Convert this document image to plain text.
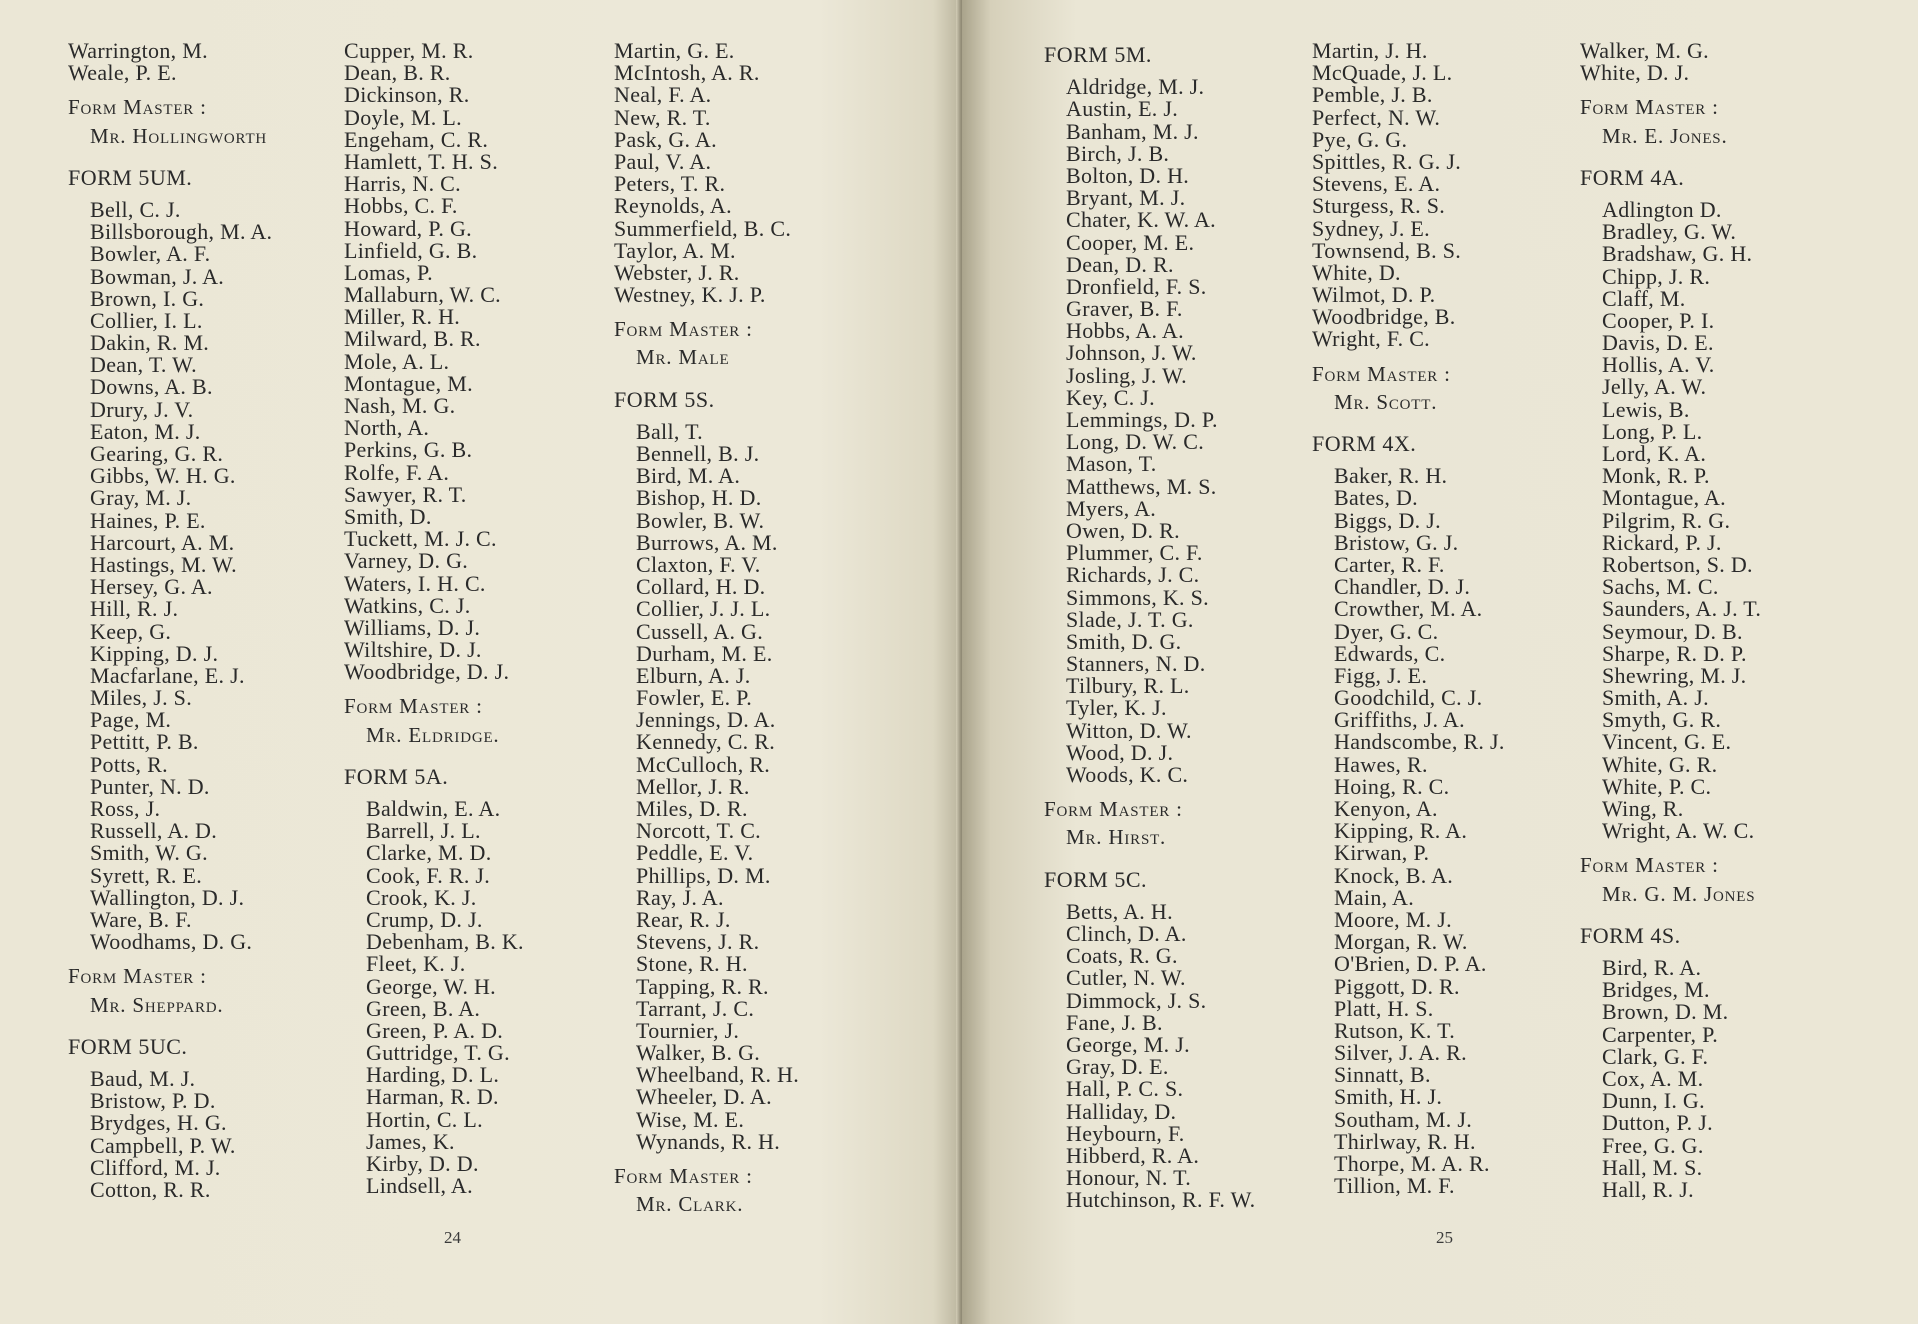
Warrington, M.
Weale, P. E.
Form Master :
Mr. Hollingworth
FORM 5UM.
Bell, C. J.
Billsborough, M. A.
Bowler, A. F.
Bowman, J. A.
Brown, I. G.
Collier, I. L.
Dakin, R. M.
Dean, T. W.
Downs, A. B.
Drury, J. V.
Eaton, M. J.
Gearing, G. R.
Gibbs, W. H. G.
Gray, M. J.
Haines, P. E.
Harcourt, A. M.
Hastings, M. W.
Hersey, G. A.
Hill, R. J.
Keep, G.
Kipping, D. J.
Macfarlane, E. J.
Miles, J. S.
Page, M.
Pettitt, P. B.
Potts, R.
Punter, N. D.
Ross, J.
Russell, A. D.
Smith, W. G.
Syrett, R. E.
Wallington, D. J.
Ware, B. F.
Woodhams, D. G.
Form Master :
Mr. Sheppard.
FORM 5UC.
Baud, M. J.
Bristow, P. D.
Brydges, H. G.
Campbell, P. W.
Clifford, M. J.
Cotton, R. R.
Cupper, M. R.
Dean, B. R.
Dickinson, R.
Doyle, M. L.
Engeham, C. R.
Hamlett, T. H. S.
Harris, N. C.
Hobbs, C. F.
Howard, P. G.
Linfield, G. B.
Lomas, P.
Mallaburn, W. C.
Miller, R. H.
Milward, B. R.
Mole, A. L.
Montague, M.
Nash, M. G.
North, A.
Perkins, G. B.
Rolfe, F. A.
Sawyer, R. T.
Smith, D.
Tuckett, M. J. C.
Varney, D. G.
Waters, I. H. C.
Watkins, C. J.
Williams, D. J.
Wiltshire, D. J.
Woodbridge, D. J.
Form Master :
Mr. Eldridge.
FORM 5A.
Baldwin, E. A.
Barrell, J. L.
Clarke, M. D.
Cook, F. R. J.
Crook, K. J.
Crump, D. J.
Debenham, B. K.
Fleet, K. J.
George, W. H.
Green, B. A.
Green, P. A. D.
Guttridge, T. G.
Harding, D. L.
Harman, R. D.
Hortin, C. L.
James, K.
Kirby, D. D.
Lindsell, A.
Martin, G. E.
McIntosh, A. R.
Neal, F. A.
New, R. T.
Pask, G. A.
Paul, V. A.
Peters, T. R.
Reynolds, A.
Summerfield, B. C.
Taylor, A. M.
Webster, J. R.
Westney, K. J. P.
Form Master :
Mr. Male
FORM 5S.
Ball, T.
Bennell, B. J.
Bird, M. A.
Bishop, H. D.
Bowler, B. W.
Burrows, A. M.
Claxton, F. V.
Collard, H. D.
Collier, J. J. L.
Cussell, A. G.
Durham, M. E.
Elburn, A. J.
Fowler, E. P.
Jennings, D. A.
Kennedy, C. R.
McCulloch, R.
Mellor, J. R.
Miles, D. R.
Norcott, T. C.
Peddle, E. V.
Phillips, D. M.
Ray, J. A.
Rear, R. J.
Stevens, J. R.
Stone, R. H.
Tapping, R. R.
Tarrant, J. C.
Tournier, J.
Walker, B. G.
Wheelband, R. H.
Wheeler, D. A.
Wise, M. E.
Wynands, R. H.
Form Master :
Mr. Clark.
24
FORM 5M.
Aldridge, M. J.
Austin, E. J.
Banham, M. J.
Birch, J. B.
Bolton, D. H.
Bryant, M. J.
Chater, K. W. A.
Cooper, M. E.
Dean, D. R.
Dronfield, F. S.
Graver, B. F.
Hobbs, A. A.
Johnson, J. W.
Josling, J. W.
Key, C. J.
Lemmings, D. P.
Long, D. W. C.
Mason, T.
Matthews, M. S.
Myers, A.
Owen, D. R.
Plummer, C. F.
Richards, J. C.
Simmons, K. S.
Slade, J. T. G.
Smith, D. G.
Stanners, N. D.
Tilbury, R. L.
Tyler, K. J.
Witton, D. W.
Wood, D. J.
Woods, K. C.
Form Master :
Mr. Hirst.
FORM 5C.
Betts, A. H.
Clinch, D. A.
Coats, R. G.
Cutler, N. W.
Dimmock, J. S.
Fane, J. B.
George, M. J.
Gray, D. E.
Hall, P. C. S.
Halliday, D.
Heybourn, F.
Hibberd, R. A.
Honour, N. T.
Hutchinson, R. F. W.
Martin, J. H.
McQuade, J. L.
Pemble, J. B.
Perfect, N. W.
Pye, G. G.
Spittles, R. G. J.
Stevens, E. A.
Sturgess, R. S.
Sydney, J. E.
Townsend, B. S.
White, D.
Wilmot, D. P.
Woodbridge, B.
Wright, F. C.
Form Master :
Mr. Scott.
FORM 4X.
Baker, R. H.
Bates, D.
Biggs, D. J.
Bristow, G. J.
Carter, R. F.
Chandler, D. J.
Crowther, M. A.
Dyer, G. C.
Edwards, C.
Figg, J. E.
Goodchild, C. J.
Griffiths, J. A.
Handscombe, R. J.
Hawes, R.
Hoing, R. C.
Kenyon, A.
Kipping, R. A.
Kirwan, P.
Knock, B. A.
Main, A.
Moore, M. J.
Morgan, R. W.
O'Brien, D. P. A.
Piggott, D. R.
Platt, H. S.
Rutson, K. T.
Silver, J. A. R.
Sinnatt, B.
Smith, H. J.
Southam, M. J.
Thirlway, R. H.
Thorpe, M. A. R.
Tillion, M. F.
Walker, M. G.
White, D. J.
Form Master :
Mr. E. Jones.
FORM 4A.
Adlington D.
Bradley, G. W.
Bradshaw, G. H.
Chipp, J. R.
Claff, M.
Cooper, P. I.
Davis, D. E.
Hollis, A. V.
Jelly, A. W.
Lewis, B.
Long, P. L.
Lord, K. A.
Monk, R. P.
Montague, A.
Pilgrim, R. G.
Rickard, P. J.
Robertson, S. D.
Sachs, M. C.
Saunders, A. J. T.
Seymour, D. B.
Sharpe, R. D. P.
Shewring, M. J.
Smith, A. J.
Smyth, G. R.
Vincent, G. E.
White, G. R.
White, P. C.
Wing, R.
Wright, A. W. C.
Form Master :
Mr. G. M. Jones
FORM 4S.
Bird, R. A.
Bridges, M.
Brown, D. M.
Carpenter, P.
Clark, G. F.
Cox, A. M.
Dunn, I. G.
Dutton, P. J.
Free, G. G.
Hall, M. S.
Hall, R. J.
25
